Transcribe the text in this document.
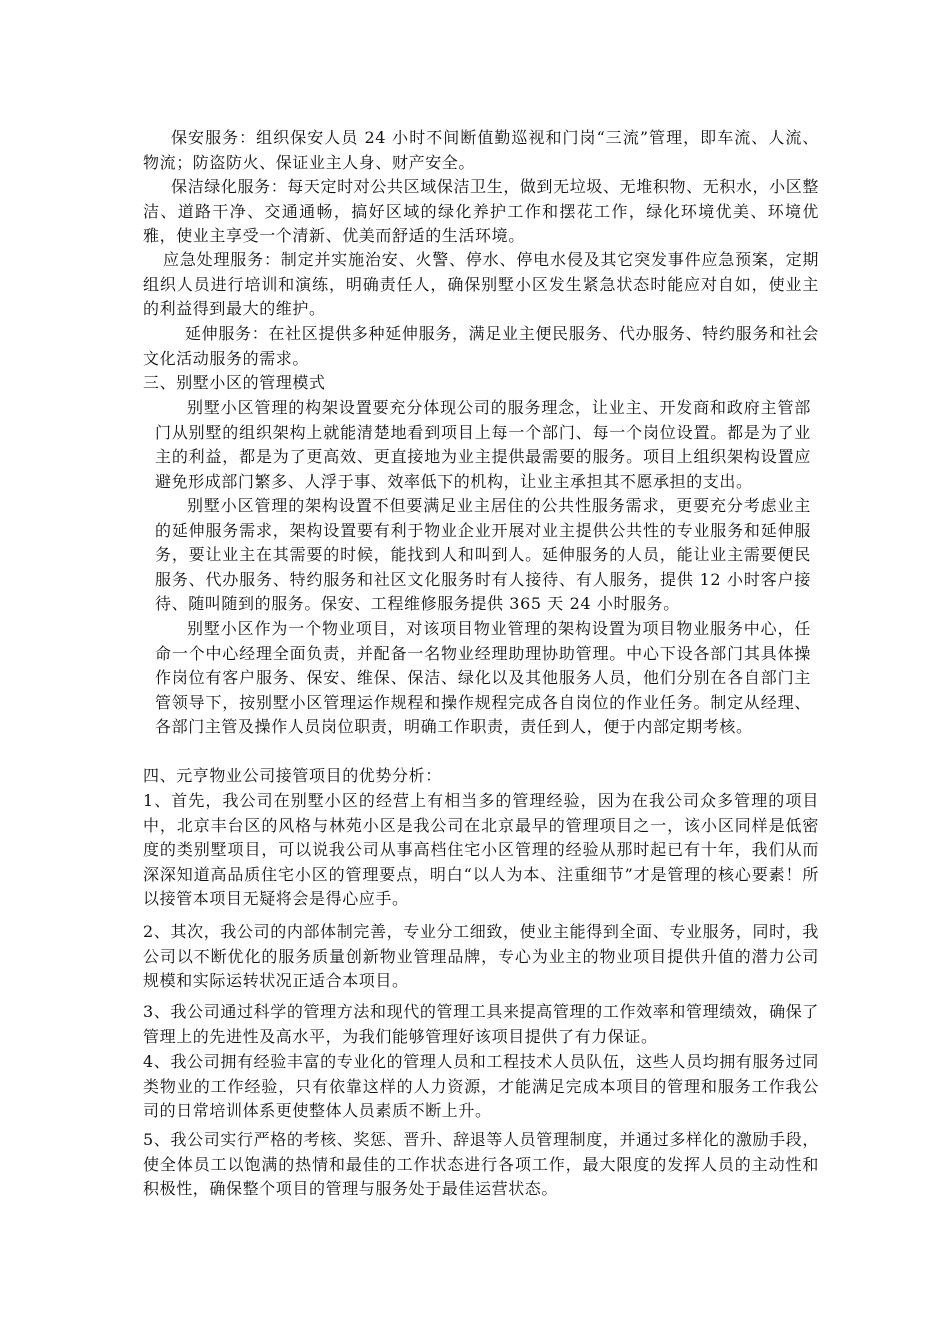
保安服务：组织保安人员 24 小时不间断值勤巡视和门岗“三流”管理，即车流、人流、物流；防盗防火、保证业主人身、财产安全。

保洁绿化服务：每天定时对公共区域保洁卫生，做到无垃圾、无堆积物、无积水，小区整洁、道路干净、交通通畅，搞好区域的绿化养护工作和摆花工作，绿化环境优美、环境优雅，使业主享受一个清新、优美而舒适的生活环境。

应急处理服务：制定并实施治安、火警、停水、停电水侵及其它突发事件应急预案，定期组织人员进行培训和演练，明确责任人，确保别墅小区发生紧急状态时能应对自如，使业主的利益得到最大的维护。

延伸服务：在社区提供多种延伸服务，满足业主便民服务、代办服务、特约服务和社会文化活动服务的需求。

三、别墅小区的管理模式

别墅小区管理的构架设置要充分体现公司的服务理念，让业主、开发商和政府主管部门从别墅的组织架构上就能清楚地看到项目上每一个部门、每一个岗位设置。都是为了业主的利益，都是为了更高效、更直接地为业主提供最需要的服务。项目上组织架构设置应避免形成部门繁多、人浮于事、效率低下的机构，让业主承担其不愿承担的支出。

别墅小区管理的架构设置不但要满足业主居住的公共性服务需求，更要充分考虑业主的延伸服务需求，架构设置要有利于物业企业开展对业主提供公共性的专业服务和延伸服务，要让业主在其需要的时候，能找到人和叫到人。延伸服务的人员，能让业主需要便民服务、代办服务、特约服务和社区文化服务时有人接待、有人服务，提供 12 小时客户接待、随叫随到的服务。保安、工程维修服务提供 365 天 24 小时服务。

别墅小区作为一个物业项目，对该项目物业管理的架构设置为项目物业服务中心，任命一个中心经理全面负责，并配备一名物业经理助理协助管理。中心下设各部门其具体操作岗位有客户服务、保安、维保、保洁、绿化以及其他服务人员，他们分别在各自部门主管领导下，按别墅小区管理运作规程和操作规程完成各自岗位的作业任务。制定从经理、各部门主管及操作人员岗位职责，明确工作职责，责任到人，便于内部定期考核。

四、元亨物业公司接管项目的优势分析：

1、首先，我公司在别墅小区的经营上有相当多的管理经验，因为在我公司众多管理的项目中，北京丰台区的风格与林苑小区是我公司在北京最早的管理项目之一，该小区同样是低密度的类别墅项目，可以说我公司从事高档住宅小区管理的经验从那时起已有十年，我们从而深深知道高品质住宅小区的管理要点，明白“以人为本、注重细节”才是管理的核心要素！所以接管本项目无疑将会是得心应手。

2、其次，我公司的内部体制完善，专业分工细致，使业主能得到全面、专业服务，同时，我公司以不断优化的服务质量创新物业管理品牌，专心为业主的物业项目提供升值的潜力公司规模和实际运转状况正适合本项目。

3、我公司通过科学的管理方法和现代的管理工具来提高管理的工作效率和管理绩效，确保了管理上的先进性及高水平，为我们能够管理好该项目提供了有力保证。

4、我公司拥有经验丰富的专业化的管理人员和工程技术人员队伍，这些人员均拥有服务过同类物业的工作经验，只有依靠这样的人力资源，才能满足完成本项目的管理和服务工作我公司的日常培训体系更使整体人员素质不断上升。

5、我公司实行严格的考核、奖惩、晋升、辞退等人员管理制度，并通过多样化的激励手段，使全体员工以饱满的热情和最佳的工作状态进行各项工作，最大限度的发挥人员的主动性和积极性，确保整个项目的管理与服务处于最佳运营状态。
